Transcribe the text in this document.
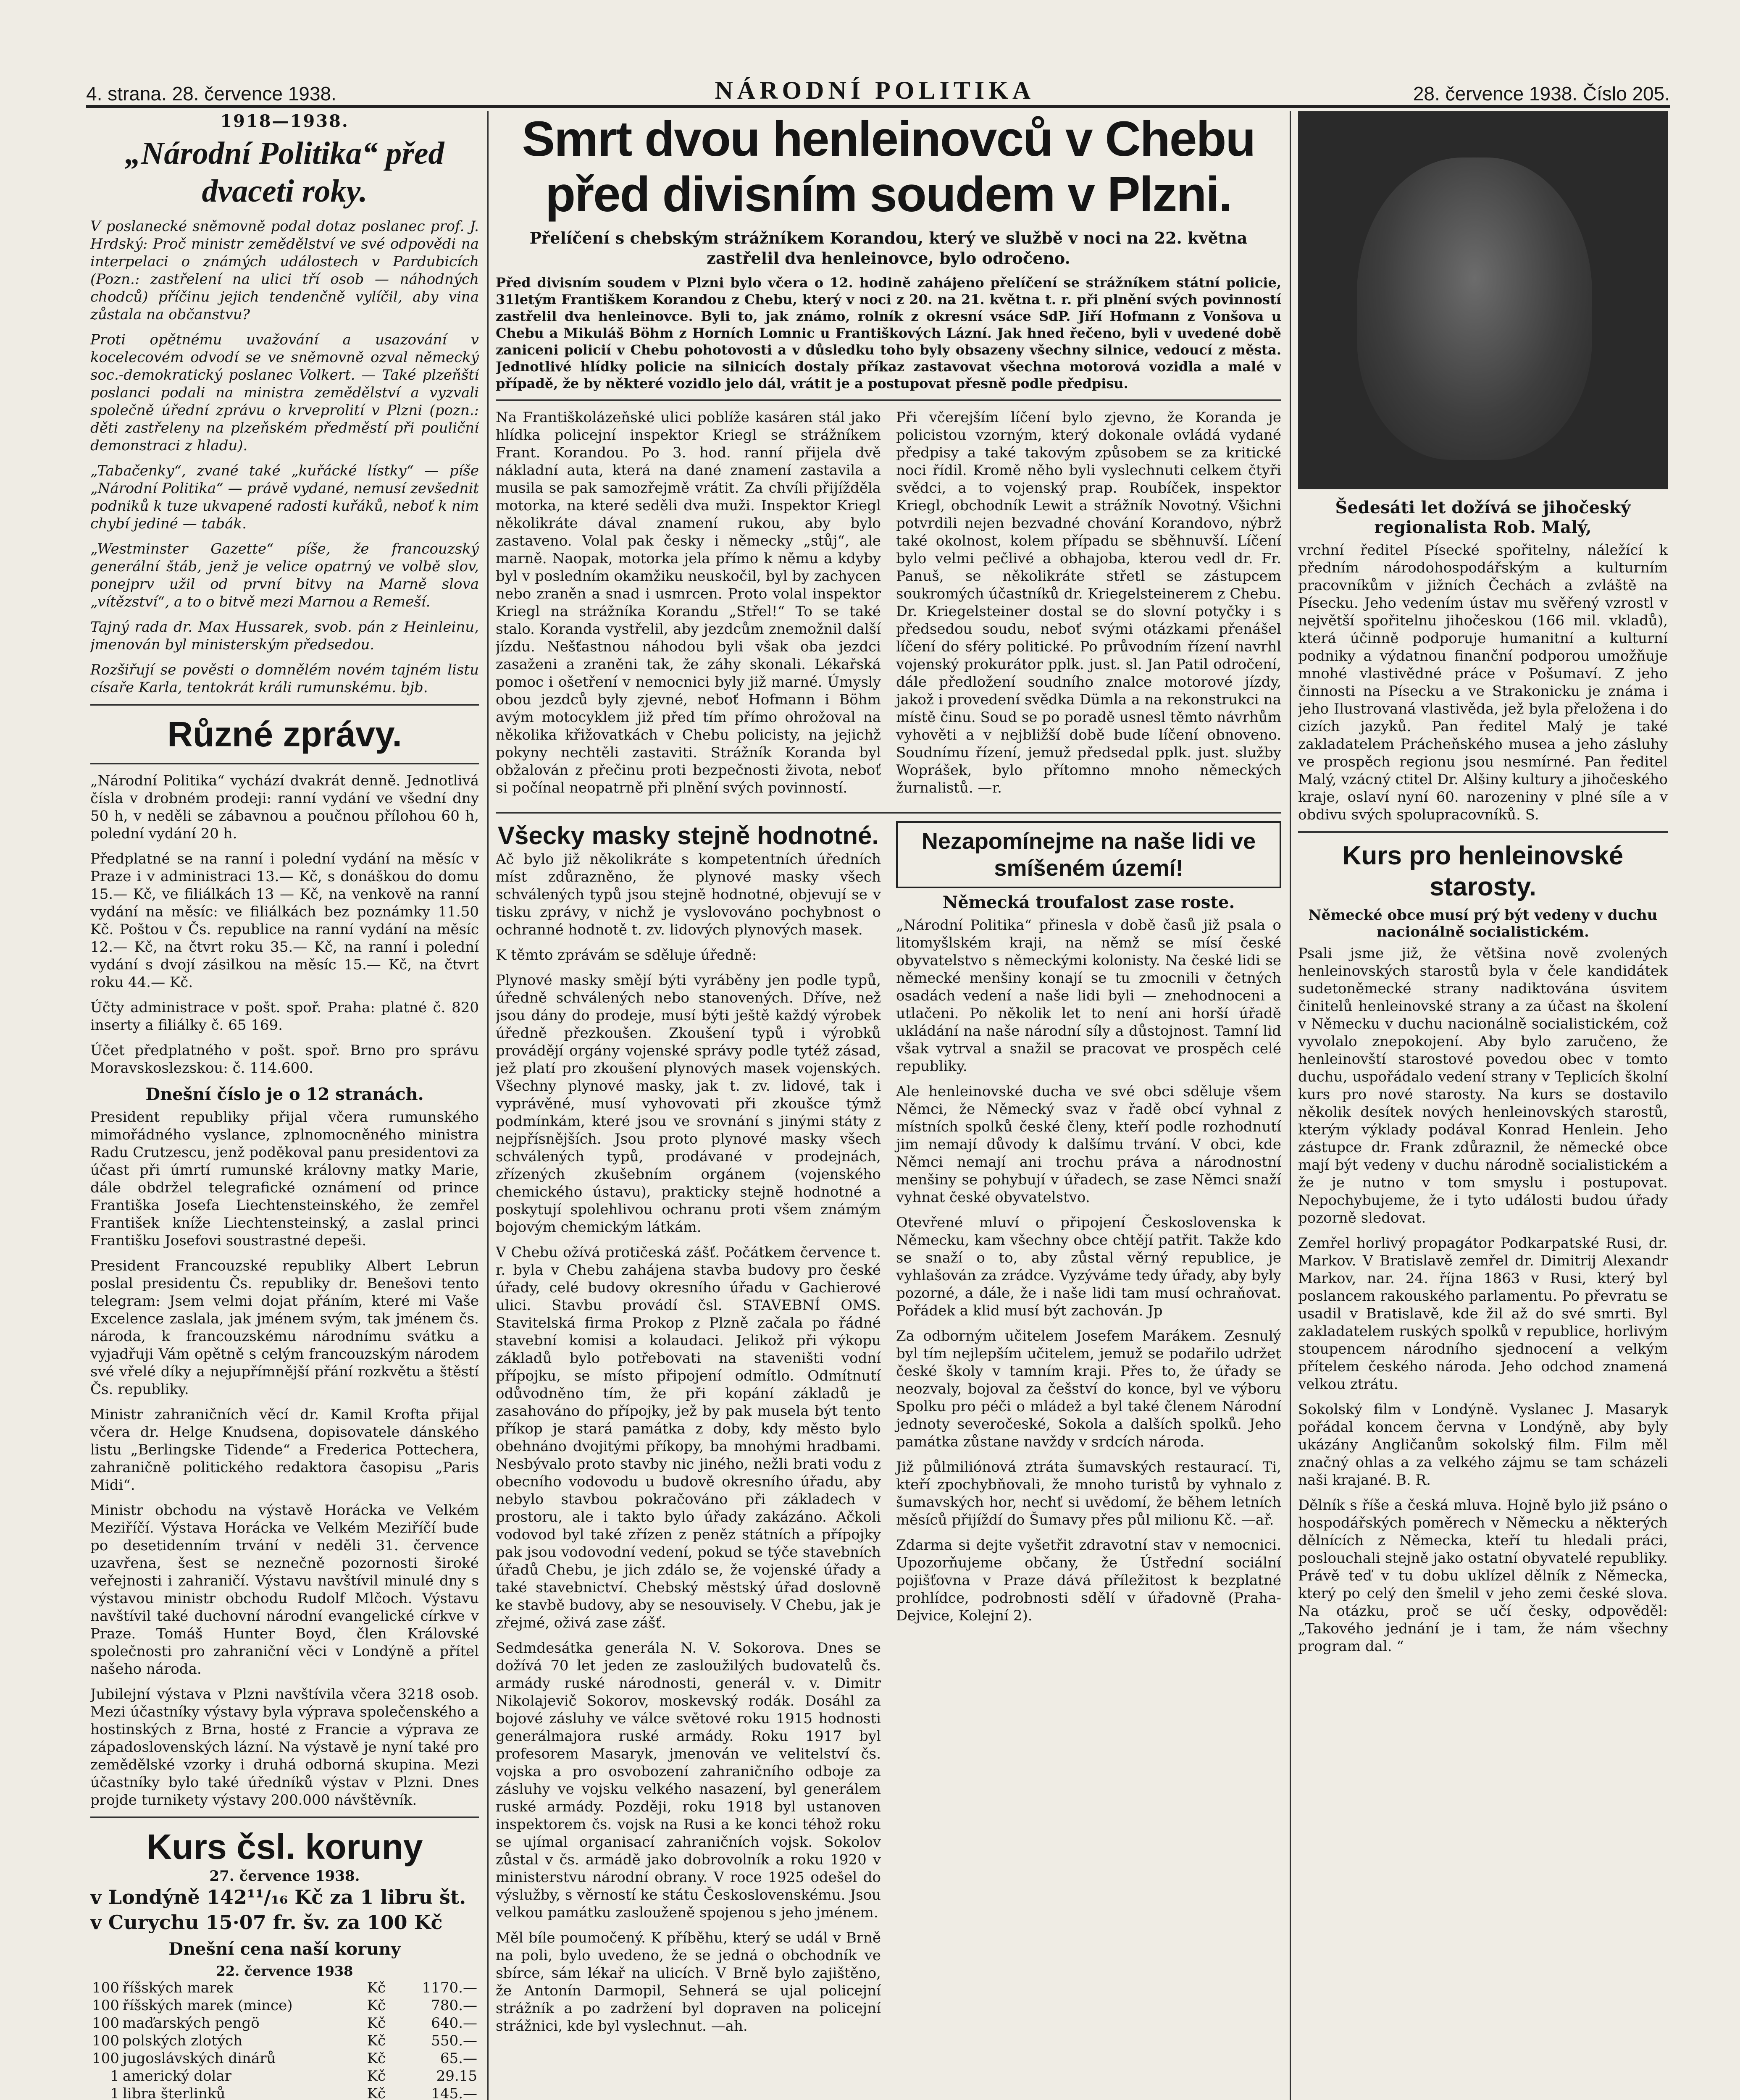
4. strana. 28. července 1938.	NÁRODNÍ POLITIKA	28. července 1938. Číslo 205.
1918—1938.
„Národní Politika“ před dvaceti roky.

V poslanecké sněmovně podal dotaz poslanec prof. J. Hrdský: Proč ministr zemědělství ve své odpovědi na interpelaci o známých událostech v Pardubicích (Pozn.: zastřelení na ulici tří osob — náhodných chodců) příčinu jejich tendenčně vylíčil, aby vina zůstala na občanstvu?

Proti opětnému uvažování a usazování v kocelecovém odvodí se ve sněmovně ozval německý soc.-demokratický poslanec Volkert. — Také plzeňští poslanci podali na ministra zemědělství a vyzvali společně úřední zprávu o krveprolití v Plzni (pozn.: děti zastřeleny na plzeňském předměstí při pouliční demonstraci z hladu).

„Tabačenky“, zvané také „kuřácké lístky“ — píše „Národní Politika“ — právě vydané, nemusí zevšednit podniků k tuze ukvapené radosti kuřáků, neboť k nim chybí jediné — tabák.

„Westminster Gazette“ píše, že francouzský generální štáb, jenž je velice opatrný ve volbě slov, ponejprv užil od první bitvy na Marně slova „vítězství“, a to o bitvě mezi Marnou a Remeší.

Tajný rada dr. Max Hussarek, svob. pán z Heinleinu, jmenován byl ministerským předsedou.

Rozšiřují se pověsti o domnělém novém tajném listu císaře Karla, tentokrát králi rumunskému. bjb.

Různé zprávy.

„Národní Politika“ vychází dvakrát denně. Jednotlivá čísla v drobném prodeji: ranní vydání ve všední dny 50 h, v neděli se zábavnou a poučnou přílohou 60 h, polední vydání 20 h.

Předplatné se na ranní i polední vydání na měsíc v Praze i v administraci 13.— Kč, s donáškou do domu 15.— Kč, ve filiálkách 13 — Kč, na venkově na ranní vydání na měsíc: ve filiálkách bez poznámky 11.50 Kč. Poštou v Čs. republice na ranní vydání na měsíc 12.— Kč, na čtvrt roku 35.— Kč, na ranní i polední vydání s dvojí zásilkou na měsíc 15.— Kč, na čtvrt roku 44.— Kč.

Účty administrace v pošt. spoř. Praha: platné č. 820 inserty a filiálky č. 65 169.

Účet předplatného v pošt. spoř. Brno pro správu Moravskoslezskou: č. 114.600.

Dnešní číslo je o 12 stranách.

President republiky přijal včera rumunského mimořádného vyslance, zplnomocněného ministra Radu Crutzescu, jenž poděkoval panu presidentovi za účast při úmrtí rumunské královny matky Marie, dále obdržel telegrafické oznámení od prince Františka Josefa Liechtensteinského, že zemřel František kníže Liechtensteinský, a zaslal princi Františku Josefovi soustrastné depeši.

President Francouzské republiky Albert Lebrun poslal presidentu Čs. republiky dr. Benešovi tento telegram: Jsem velmi dojat přáním, které mi Vaše Excelence zaslala, jak jménem svým, tak jménem čs. národa, k francouzskému národnímu svátku a vyjadřuji Vám opětně s celým francouzským národem své vřelé díky a nejupřímnější přání rozkvětu a štěstí Čs. republiky.

Ministr zahraničních věcí dr. Kamil Krofta přijal včera dr. Helge Knudsena, dopisovatele dánského listu „Berlingske Tidende“ a Frederica Pottechera, zahraničně politického redaktora časopisu „Paris Midi“.

Ministr obchodu na výstavě Horácka ve Velkém Meziříčí. Výstava Horácka ve Velkém Meziříčí bude po desetidenním trvání v neděli 31. července uzavřena, šest se neznečně pozornosti široké veřejnosti i zahraničí. Výstavu navštívil minulé dny s výstavou ministr obchodu Rudolf Mlčoch. Výstavu navštívil také duchovní národní evangelické církve v Praze. Tomáš Hunter Boyd, člen Královské společnosti pro zahraniční věci v Londýně a přítel našeho národa.

Jubilejní výstava v Plzni navštívila včera 3218 osob. Mezi účastníky výstavy byla výprava společenského a hostinských z Brna, hosté z Francie a výprava ze západoslovenských lázní. Na výstavě je nyní také pro zemědělské vzorky i druhá odborná skupina. Mezi účastníky bylo také úředníků výstav v Plzni. Dnes projde turnikety výstavy 200.000 návštěvník.

Kurs čsl. koruny
27. července 1938.
v Londýně 142¹¹/₁₆ Kč za 1 libru št.
v Curychu 15·07 fr. šv. za 100 Kč
Dnešní cena naší koruny
22. července 1938
100	říšských marek	Kč	1170.—
100	říšských marek (mince)	Kč	780.—
100	maďarských pengö	Kč	640.—
100	polských zlotých	Kč	550.—
100	jugoslávských dinárů	Kč	65.—
1	americký dolar	Kč	29.15
1	libra šterlinků	Kč	145.—

Smrt dvou henleinovců v Chebu
před divisním soudem v Plzni.
Přelíčení s chebským strážníkem Korandou, který ve službě v noci na 22. května zastřelil dva henleinovce, bylo odročeno.

Před divisním soudem v Plzni bylo včera o 12. hodině zahájeno přelíčení se strážníkem státní policie, 31letým Františkem Korandou z Chebu, který v noci z 20. na 21. května t. r. při plnění svých povinností zastřelil dva henleinovce. Byli to, jak známo, rolník z okresní vsáce SdP. Jiří Hofmann z Vonšova u Chebu a Mikuláš Böhm z Horních Lomnic u Františkových Lázní. Jak hned řečeno, byli v uvedené době zaniceni policií v Chebu pohotovosti a v důsledku toho byly obsazeny všechny silnice, vedoucí z města. Jednotlivé hlídky policie na silnicích dostaly příkaz zastavovat všechna motorová vozidla a malé v případě, že by některé vozidlo jelo dál, vrátit je a postupovat přesně podle předpisu.

Na Františkolázeňské ulici poblíže kasáren stál jako hlídka policejní inspektor Kriegl se strážníkem Frant. Korandou. Po 3. hod. ranní přijela dvě nákladní auta, která na dané znamení zastavila a musila se pak samozřejmě vrátit. Za chvíli přijížděla motorka, na které seděli dva muži. Inspektor Kriegl několikráte dával znamení rukou, aby bylo zastaveno. Volal pak česky i německy „stůj“, ale marně. Naopak, motorka jela přímo k němu a kdyby byl v posledním okamžiku neuskočil, byl by zachycen nebo zraněn a snad i usmrcen. Proto volal inspektor Kriegl na strážníka Korandu „Střel!“ To se také stalo. Koranda vystřelil, aby jezdcům znemožnil další jízdu. Nešťastnou náhodou byli však oba jezdci zasaženi a zraněni tak, že záhy skonali. Lékařská pomoc i ošetření v nemocnici byly již marné. Úmysly obou jezdců byly zjevné, neboť Hofmann i Böhm avým motocyklem již před tím přímo ohrožoval na několika křižovatkách v Chebu policisty, na jejichž pokyny nechtěli zastaviti. Strážník Koranda byl obžalován z přečinu proti bezpečnosti života, neboť si počínal neopatrně při plnění svých povinností.

Při včerejším líčení bylo zjevno, že Koranda je policistou vzorným, který dokonale ovládá vydané předpisy a také takovým způsobem se za kritické noci řídil. Kromě něho byli vyslechnuti celkem čtyři svědci, a to vojenský prap. Roubíček, inspektor Kriegl, obchodník Lewit a strážník Novotný. Všichni potvrdili nejen bezvadné chování Korandovo, nýbrž také okolnost, kolem případu se sběhnuvší. Líčení bylo velmi pečlivé a obhajoba, kterou vedl dr. Fr. Panuš, se několikráte střetl se zástupcem soukromých účastníků dr. Kriegelsteinerem z Chebu. Dr. Kriegelsteiner dostal se do slovní potyčky i s předsedou soudu, neboť svými otázkami přenášel líčení do sféry politické. Po průvodním řízení navrhl vojenský prokurátor pplk. just. sl. Jan Patil odročení, dále předložení soudního znalce motorové jízdy, jakož i provedení svědka Dümla a na rekonstrukci na místě činu. Soud se po poradě usnesl těmto návrhům vyhověti a v nejbližší době bude líčení obnoveno. Soudnímu řízení, jemuž předsedal pplk. just. služby Woprášek, bylo přítomno mnoho německých žurnalistů. —r.

Všecky masky stejně hodnotné.

Ač bylo již několikráte s kompetentních úředních míst zdůrazněno, že plynové masky všech schválených typů jsou stejně hodnotné, objevují se v tisku zprávy, v nichž je vyslovováno pochybnost o ochranné hodnotě t. zv. lidových plynových masek.

K těmto zprávám se sděluje úředně:

Plynové masky smějí býti vyráběny jen podle typů, úředně schválených nebo stanovených. Dříve, než jsou dány do prodeje, musí býti ještě každý výrobek úředně přezkoušen. Zkoušení typů i výrobků provádějí orgány vojenské správy podle tytéž zásad, jež platí pro zkoušení plynových masek vojenských. Všechny plynové masky, jak t. zv. lidové, tak i vyprávěné, musí vyhovovati při zkoušce týmž podmínkám, které jsou ve srovnání s jinými státy z nejpřísnějších. Jsou proto plynové masky všech schválených typů, prodávané v prodejnách, zřízených zkušebním orgánem (vojenského chemického ústavu), prakticky stejně hodnotné a poskytují spolehlivou ochranu proti všem známým bojovým chemickým látkám.

V Chebu ožívá protičeská zášť. Počátkem července t. r. byla v Chebu zahájena stavba budovy pro české úřady, celé budovy okresního úřadu v Gachierové ulici. Stavbu provádí čsl. STAVEBNÍ OMS. Stavitelská firma Prokop z Plzně začala po řádné stavební komisi a kolaudaci. Jelikož při výkopu základů bylo potřebovati na staveništi vodní přípojku, se místo připojení odmítlo. Odmítnutí odůvodněno tím, že při kopání základů je zasahováno do přípojky, jež by pak musela být tento příkop je stará památka z doby, kdy město bylo obehnáno dvojitými příkopy, ba mnohými hradbami. Nesbývalo proto stavby nic jiného, nežli brati vodu z obecního vodovodu u budově okresního úřadu, aby nebylo stavbou pokračováno při základech v prostoru, ale i takto bylo úřady zakázáno. Ačkoli vodovod byl také zřízen z peněz státních a přípojky pak jsou vodovodní vedení, pokud se týče stavebních úřadů Chebu, je jich zdálo se, že vojenské úřady a také stavebnictví. Chebský městský úřad doslovně ke stavbě budovy, aby se nesouvisely. V Chebu, jak je zřejmé, oživá zase zášť.

Sedmdesátka generála N. V. Sokorova. Dnes se dožívá 70 let jeden ze zasloužilých budovatelů čs. armády ruské národnosti, generál v. v. Dimitr Nikolajevič Sokorov, moskevský rodák. Dosáhl za bojové zásluhy ve válce světové roku 1915 hodnosti generálmajora ruské armády. Roku 1917 byl profesorem Masaryk, jmenován ve velitelství čs. vojska a pro osvobození zahraničního odboje za zásluhy ve vojsku velkého nasazení, byl generálem ruské armády. Později, roku 1918 byl ustanoven inspektorem čs. vojsk na Rusi a ke konci téhož roku se ujímal organisací zahraničních vojsk. Sokolov zůstal v čs. armádě jako dobrovolník a roku 1920 v ministerstvu národní obrany. V roce 1925 odešel do výslužby, s věrností ke státu Československému. Jsou velkou památku zaslouženě spojenou s jeho jménem.

Měl bíle poumočený. K příběhu, který se udál v Brně na poli, bylo uvedeno, že se jedná o obchodník ve sbírce, sám lékař na ulicích. V Brně bylo zajištěno, že Antonín Darmopil, Sehnerá se ujal policejní strážník a po zadržení byl dopraven na policejní strážnici, kde byl vyslechnut. —ah.

Nezapomínejme na naše lidi ve smíšeném území!
Německá troufalost zase roste.

„Národní Politika“ přinesla v době časů již psala o litomyšlském kraji, na němž se mísí české obyvatelstvo s německými kolonisty. Na české lidi se německé menšiny konají se tu zmocnili v četných osadách vedení a naše lidi byli — znehodnoceni a utlačeni. Po několik let to není ani horší úřadě ukládání na naše národní síly a důstojnost. Tamní lid však vytrval a snažil se pracovat ve prospěch celé republiky.

Ale henleinovské ducha ve své obci sděluje všem Němci, že Německý svaz v řadě obcí vyhnal z místních spolků české členy, kteří podle rozhodnutí jim nemají důvody k dalšímu trvání. V obci, kde Němci nemají ani trochu práva a národnostní menšiny se pohybují v úřadech, se zase Němci snaží vyhnat české obyvatelstvo.

Otevřené mluví o připojení Československa k Německu, kam všechny obce chtějí patřit. Takže kdo se snaží o to, aby zůstal věrný republice, je vyhlašován za zrádce. Vyzýváme tedy úřady, aby byly pozorné, a dále, že i naše lidi tam musí ochraňovat. Pořádek a klid musí být zachován. Jp

Za odborným učitelem Josefem Marákem. Zesnulý byl tím nejlepším učitelem, jemuž se podařilo udržet české školy v tamním kraji. Přes to, že úřady se neozvaly, bojoval za češství do konce, byl ve výboru Spolku pro péči o mládež a byl také členem Národní jednoty severočeské, Sokola a dalších spolků. Jeho památka zůstane navždy v srdcích národa.

Již půlmiliónová ztráta šumavských restaurací. Ti, kteří zpochybňovali, že mnoho turistů by vyhnalo z šumavských hor, nechť si uvědomí, že během letních měsíců přijíždí do Šumavy přes půl milionu Kč. —ař.

Zdarma si dejte vyšetřit zdravotní stav v nemocnici. Upozorňujeme občany, že Ústřední sociální pojišťovna v Praze dává příležitost k bezplatné prohlídce, podrobnosti sdělí v úřadovně (Praha-Dejvice, Kolejní 2).

Šedesáti let dožívá se jihočeský regionalista Rob. Malý,

vrchní ředitel Písecké spořitelny, náležící k předním národohospodářským a kulturním pracovníkům v jižních Čechách a zvláště na Písecku. Jeho vedením ústav mu svěřený vzrostl v největší spořitelnu jihočeskou (166 mil. vkladů), která účinně podporuje humanitní a kulturní podniky a výdatnou finanční podporou umožňuje mnohé vlastivědné práce v Pošumaví. Z jeho činnosti na Písecku a ve Strakonicku je známa i jeho Ilustrovaná vlastivěda, jež byla přeložena i do cizích jazyků. Pan ředitel Malý je také zakladatelem Prácheňského musea a jeho zásluhy ve prospěch regionu jsou nesmírné. Pan ředitel Malý, vzácný ctitel Dr. Alšiny kultury a jihočeského kraje, oslaví nyní 60. narozeniny v plné síle a v obdivu svých spolupracovníků. S.

Kurs pro henleinovské starosty.
Německé obce musí prý být vedeny v duchu nacionálně socialistickém.

Psali jsme již, že většina nově zvolených henleinovských starostů byla v čele kandidátek sudetoněmecké strany nadiktována úsvitem činitelů henleinovské strany a za účast na školení v Německu v duchu nacionálně socialistickém, což vyvolalo znepokojení. Aby bylo zaručeno, že henleinovští starostové povedou obec v tomto duchu, uspořádalo vedení strany v Teplicích školní kurs pro nové starosty. Na kurs se dostavilo několik desítek nových henleinovských starostů, kterým výklady podával Konrad Henlein. Jeho zástupce dr. Frank zdůraznil, že německé obce mají být vedeny v duchu národně socialistickém a že je nutno v tom smyslu i postupovat. Nepochybujeme, že i tyto události budou úřady pozorně sledovat.

Zemřel horlivý propagátor Podkarpatské Rusi, dr. Markov. V Bratislavě zemřel dr. Dimitrij Alexandr Markov, nar. 24. října 1863 v Rusi, který byl poslancem rakouského parlamentu. Po převratu se usadil v Bratislavě, kde žil až do své smrti. Byl zakladatelem ruských spolků v republice, horlivým stoupencem národního sjednocení a velkým přítelem českého národa. Jeho odchod znamená velkou ztrátu.

Sokolský film v Londýně. Vyslanec J. Masaryk pořádal koncem června v Londýně, aby byly ukázány Angličanům sokolský film. Film měl značný ohlas a za velkého zájmu se tam scházeli naši krajané. B. R.

Dělník s říše a česká mluva. Hojně bylo již psáno o hospodářských poměrech v Německu a některých dělnících z Německa, kteří tu hledali práci, poslouchali stejně jako ostatní obyvatelé republiky. Právě teď v tu dobu uklízel dělník z Německa, který po celý den šmelil v jeho zemi české slova. Na otázku, proč se učí česky, odpověděl: „Takového jednání je i tam, že nám všechny program dal. “
